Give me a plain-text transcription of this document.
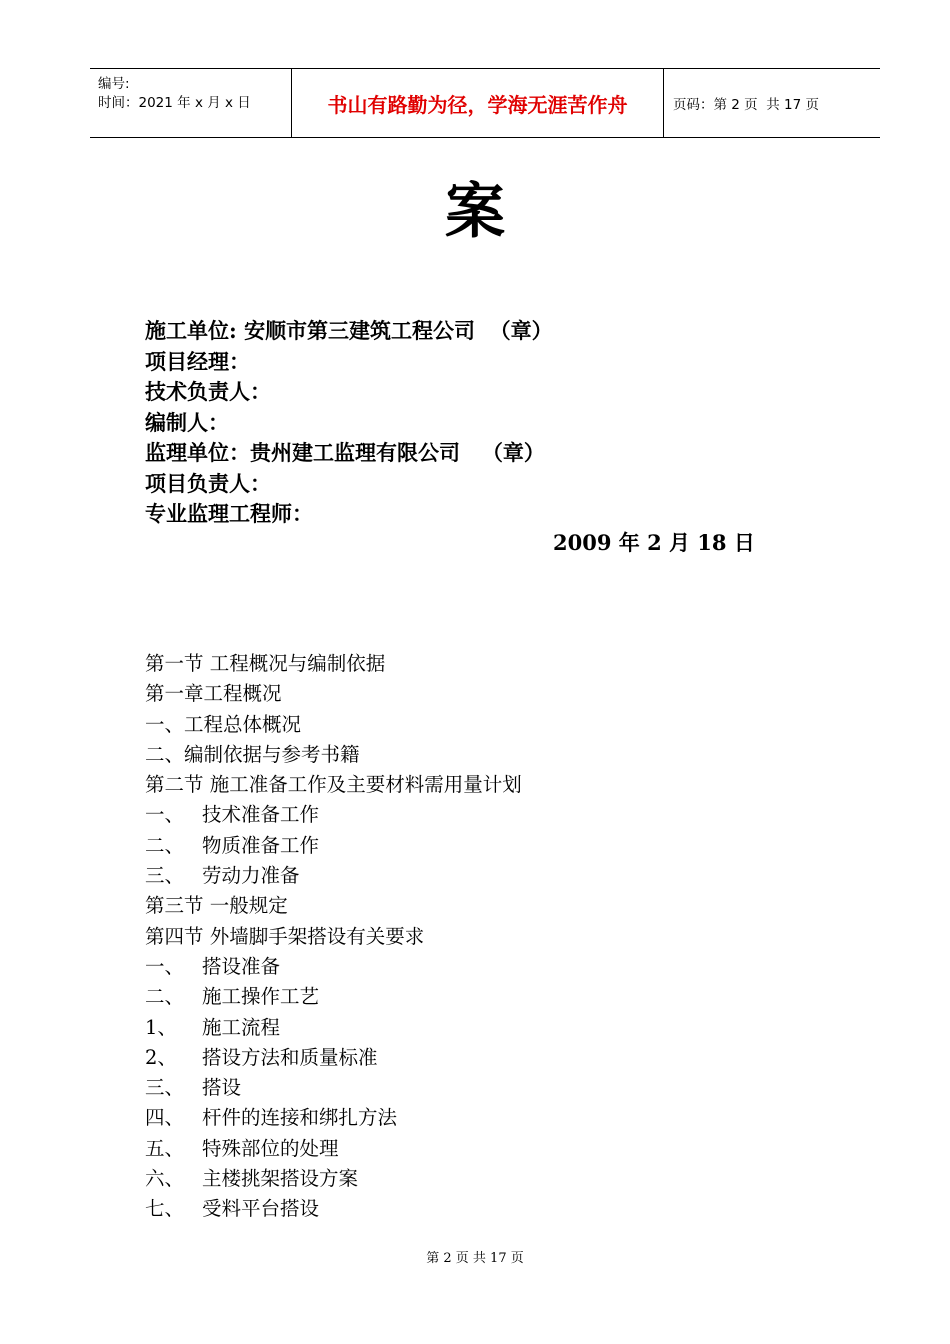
编号:
时间：2021 年 x 月 x 日	书山有路勤为径，学海无涯苦作舟	页码：第 2 页  共 17 页
案
施工单位: 安顺市第三建筑工程公司  （章）
项目经理：
技术负责人：
编制人：
监理单位：贵州建工监理有限公司   （章）
项目负责人：
专业监理工程师：
2009 年 2 月 18 日
第一节 工程概况与编制依据
第一章工程概况
一、工程总体概况
二、编制依据与参考书籍
第二节 施工准备工作及主要材料需用量计划
一、 技术准备工作
二、 物质准备工作
三、 劳动力准备
第三节 一般规定
第四节 外墙脚手架搭设有关要求
一、 搭设准备
二、 施工操作工艺
1、 施工流程
2、 搭设方法和质量标准
三、 搭设
四、 杆件的连接和绑扎方法
五、 特殊部位的处理
六、 主楼挑架搭设方案
七、 受料平台搭设
第 2 页 共 17 页
